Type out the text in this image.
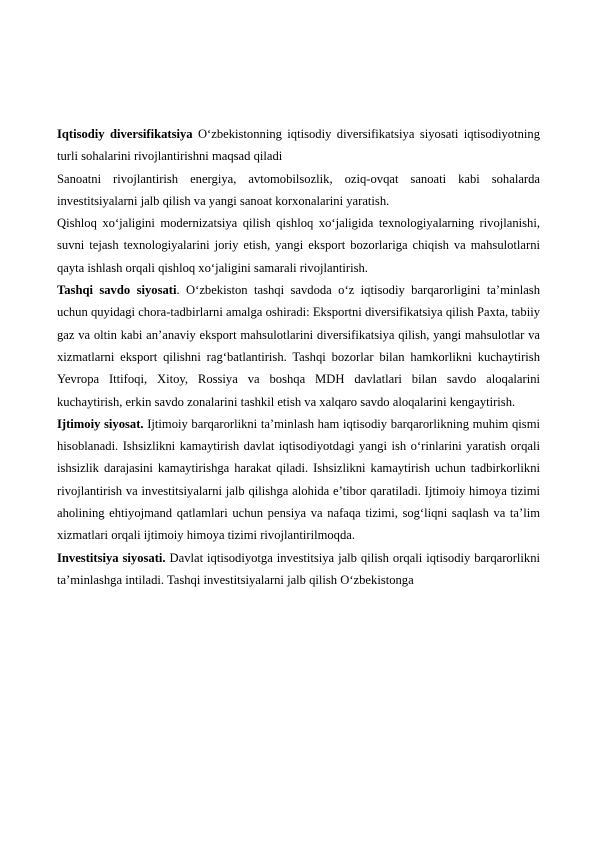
Iqtisodiy diversifikatsiya O‘zbekistonning iqtisodiy diversifikatsiya siyosati iqtisodiyotning turli sohalarini rivojlantirishni maqsad qiladi

Sanoatni rivojlantirish energiya, avtomobilsozlik, oziq-ovqat sanoati kabi sohalarda investitsiyalarni jalb qilish va yangi sanoat korxonalarini yaratish.

Qishloq xo‘jaligini modernizatsiya qilish qishloq xo‘jaligida texnologiyalarning rivojlanishi, suvni tejash texnologiyalarini joriy etish, yangi eksport bozorlariga chiqish va mahsulotlarni qayta ishlash orqali qishloq xo‘jaligini samarali rivojlantirish.

Tashqi savdo siyosati. O‘zbekiston tashqi savdoda o‘z iqtisodiy barqarorligini ta’minlash uchun quyidagi chora-tadbirlarni amalga oshiradi: Eksportni diversifikatsiya qilish Paxta, tabiiy gaz va oltin kabi an’anaviy eksport mahsulotlarini diversifikatsiya qilish, yangi mahsulotlar va xizmatlarni eksport qilishni rag‘batlantirish. Tashqi bozorlar bilan hamkorlikni kuchaytirish Yevropa Ittifoqi, Xitoy, Rossiya va boshqa MDH davlatlari bilan savdo aloqalarini kuchaytirish, erkin savdo zonalarini tashkil etish va xalqaro savdo aloqalarini kengaytirish.

Ijtimoiy siyosat. Ijtimoiy barqarorlikni ta’minlash ham iqtisodiy barqarorlikning muhim qismi hisoblanadi. Ishsizlikni kamaytirish davlat iqtisodiyotdagi yangi ish o‘rinlarini yaratish orqali ishsizlik darajasini kamaytirishga harakat qiladi. Ishsizlikni kamaytirish uchun tadbirkorlikni rivojlantirish va investitsiyalarni jalb qilishga alohida e’tibor qaratiladi. Ijtimoiy himoya tizimi aholining ehtiyojmand qatlamlari uchun pensiya va nafaqa tizimi, sog‘liqni saqlash va ta’lim xizmatlari orqali ijtimoiy himoya tizimi rivojlantirilmoqda.

Investitsiya siyosati. Davlat iqtisodiyotga investitsiya jalb qilish orqali iqtisodiy barqarorlikni ta’minlashga intiladi. Tashqi investitsiyalarni jalb qilish O‘zbekistonga
